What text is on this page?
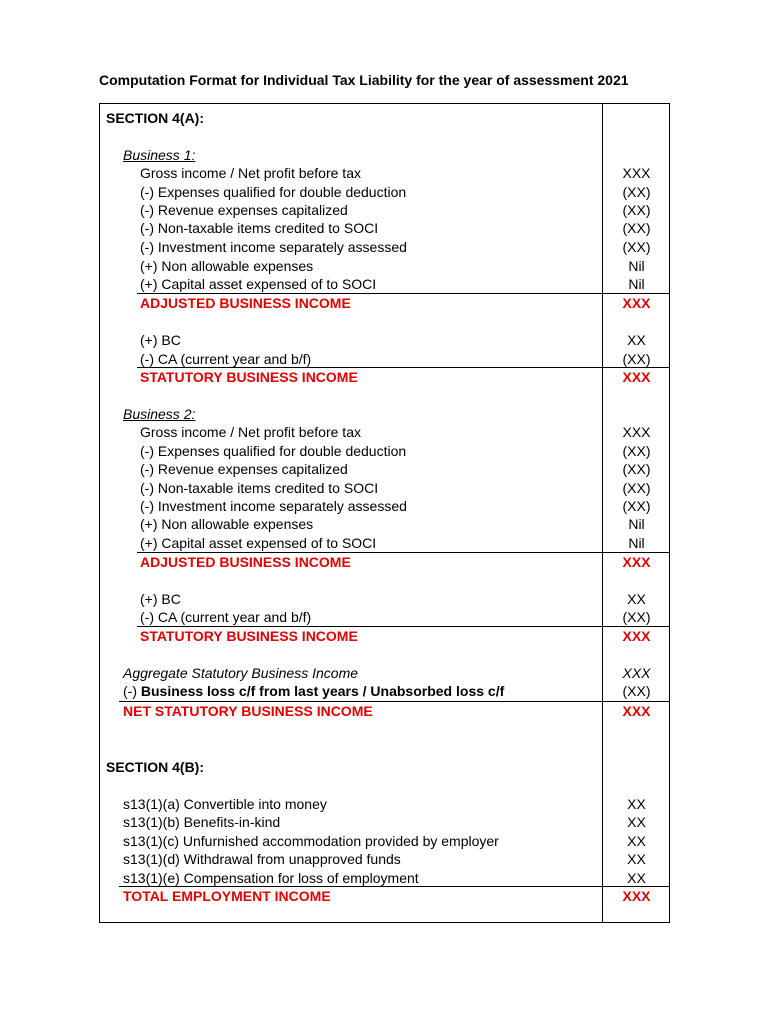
Computation Format for Individual Tax Liability for the year of assessment 2021
SECTION 4(A):
Business 1:
Gross income / Net profit before tax	XXX
(-) Expenses qualified for double deduction	(XX)
(-) Revenue expenses capitalized	(XX)
(-) Non-taxable items credited to SOCI	(XX)
(-) Investment income separately assessed	(XX)
(+) Non allowable expenses	Nil
(+) Capital asset expensed of to SOCI	Nil
ADJUSTED BUSINESS INCOME	XXX
(+) BC	XX
(-) CA (current year and b/f)	(XX)
STATUTORY BUSINESS INCOME	XXX
Business 2:
Gross income / Net profit before tax	XXX
(-) Expenses qualified for double deduction	(XX)
(-) Revenue expenses capitalized	(XX)
(-) Non-taxable items credited to SOCI	(XX)
(-) Investment income separately assessed	(XX)
(+) Non allowable expenses	Nil
(+) Capital asset expensed of to SOCI	Nil
ADJUSTED BUSINESS INCOME	XXX
(+) BC	XX
(-) CA (current year and b/f)	(XX)
STATUTORY BUSINESS INCOME	XXX
Aggregate Statutory Business Income	XXX
(-) Business loss c/f from last years / Unabsorbed loss c/f	(XX)
NET STATUTORY BUSINESS INCOME	XXX
SECTION 4(B):
s13(1)(a) Convertible into money	XX
s13(1)(b) Benefits-in-kind	XX
s13(1)(c) Unfurnished accommodation provided by employer	XX
s13(1)(d) Withdrawal from unapproved funds	XX
s13(1)(e) Compensation for loss of employment	XX
TOTAL EMPLOYMENT INCOME	XXX
